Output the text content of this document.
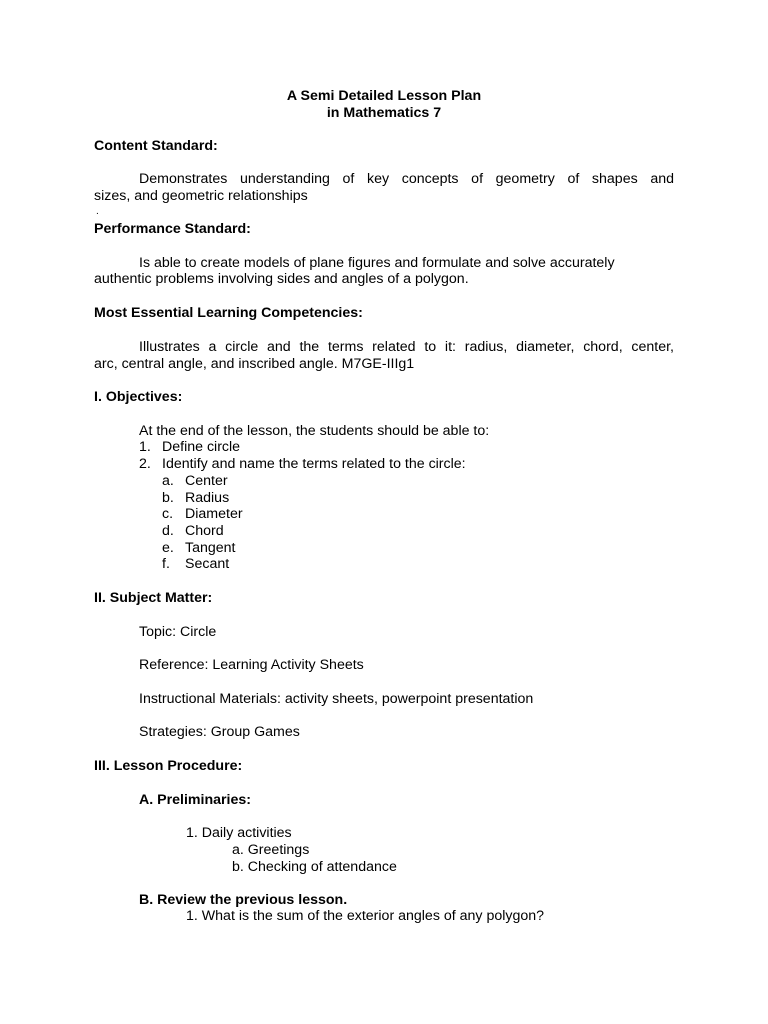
A Semi Detailed Lesson Plan
in Mathematics 7
Content Standard:
Demonstrates understanding of key concepts of geometry of shapes and
sizes, and geometric relationships
.
Performance Standard:
Is able to create models of plane figures and formulate and solve accurately
authentic problems involving sides and angles of a polygon.
Most Essential Learning Competencies:
Illustrates a circle and the terms related to it: radius, diameter, chord, center,
arc, central angle, and inscribed angle. M7GE-IIIg1
I. Objectives:
At the end of the lesson, the students should be able to:
1. Define circle
2. Identify and name the terms related to the circle:
a. Center
b. Radius
c. Diameter
d. Chord
e. Tangent
f. Secant
II. Subject Matter:
Topic: Circle
Reference: Learning Activity Sheets
Instructional Materials: activity sheets, powerpoint presentation
Strategies: Group Games
III. Lesson Procedure:
A. Preliminaries:
1. Daily activities
a. Greetings
b. Checking of attendance
B. Review the previous lesson.
1. What is the sum of the exterior angles of any polygon?
